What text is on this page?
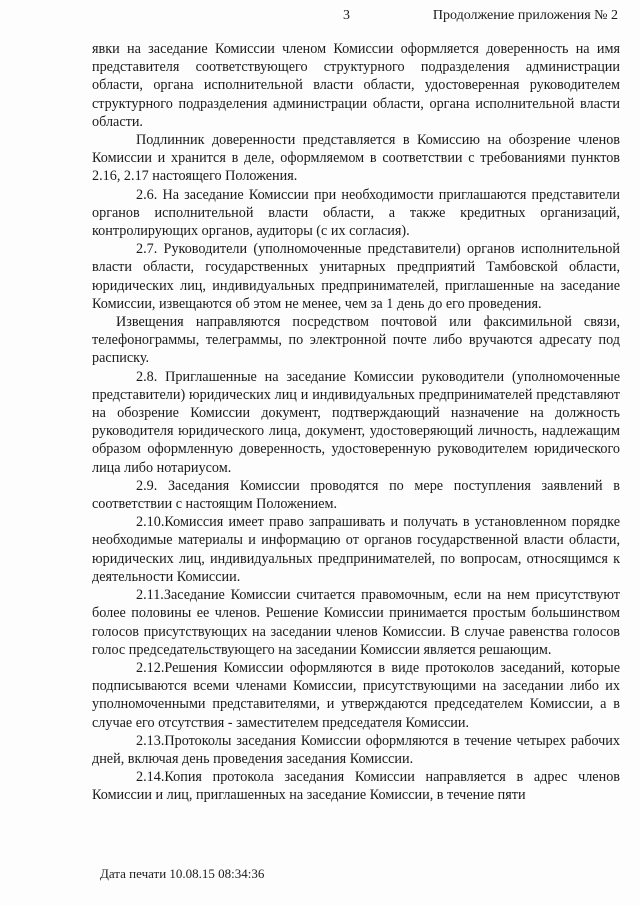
3	Продолжение приложения № 2

явки на заседание Комиссии членом Комиссии оформляется доверенность на имя представителя соответствующего структурного подразделения администрации области, органа исполнительной власти области, удостоверенная руководителем структурного подразделения администрации области, органа исполнительной власти области.

Подлинник доверенности представляется в Комиссию на обозрение членов Комиссии и хранится в деле, оформляемом в соответствии с требованиями пунктов 2.16, 2.17 настоящего Положения.

2.6. На заседание Комиссии при необходимости приглашаются представители органов исполнительной власти области, а также кредитных организаций, контролирующих органов, аудиторы (с их согласия).

2.7. Руководители (уполномоченные представители) органов исполнительной власти области, государственных унитарных предприятий Тамбовской области, юридических лиц, индивидуальных предпринимателей, приглашенные на заседание Комиссии, извещаются об этом не менее, чем за 1 день до его проведения.

Извещения направляются посредством почтовой или факсимильной связи, телефонограммы, телеграммы, по электронной почте либо вручаются адресату под расписку.

2.8. Приглашенные на заседание Комиссии руководители (уполномоченные представители) юридических лиц и индивидуальных предпринимателей представляют на обозрение Комиссии документ, подтверждающий назначение на должность руководителя юридического лица, документ, удостоверяющий личность, надлежащим образом оформленную доверенность, удостоверенную руководителем юридического лица либо нотариусом.

2.9. Заседания Комиссии проводятся по мере поступления заявлений в соответствии с настоящим Положением.

2.10.Комиссия имеет право запрашивать и получать в установленном порядке необходимые материалы и информацию от органов государственной власти области, юридических лиц, индивидуальных предпринимателей, по вопросам, относящимся к деятельности Комиссии.

2.11.Заседание Комиссии считается правомочным, если на нем присутствуют более половины ее членов. Решение Комиссии принимается простым большинством голосов присутствующих на заседании членов Комиссии. В случае равенства голосов голос председательствующего на заседании Комиссии является решающим.

2.12.Решения Комиссии оформляются в виде протоколов заседаний, которые подписываются всеми членами Комиссии, присутствующими на заседании либо их уполномоченными представителями, и утверждаются председателем Комиссии, а в случае его отсутствия - заместителем председателя Комиссии.

2.13.Протоколы заседания Комиссии оформляются в течение четырех рабочих дней, включая день проведения заседания Комиссии.

2.14.Копия протокола заседания Комиссии направляется в адрес членов Комиссии и лиц, приглашенных на заседание Комиссии, в течение пяти

Дата печати 10.08.15 08:34:36
